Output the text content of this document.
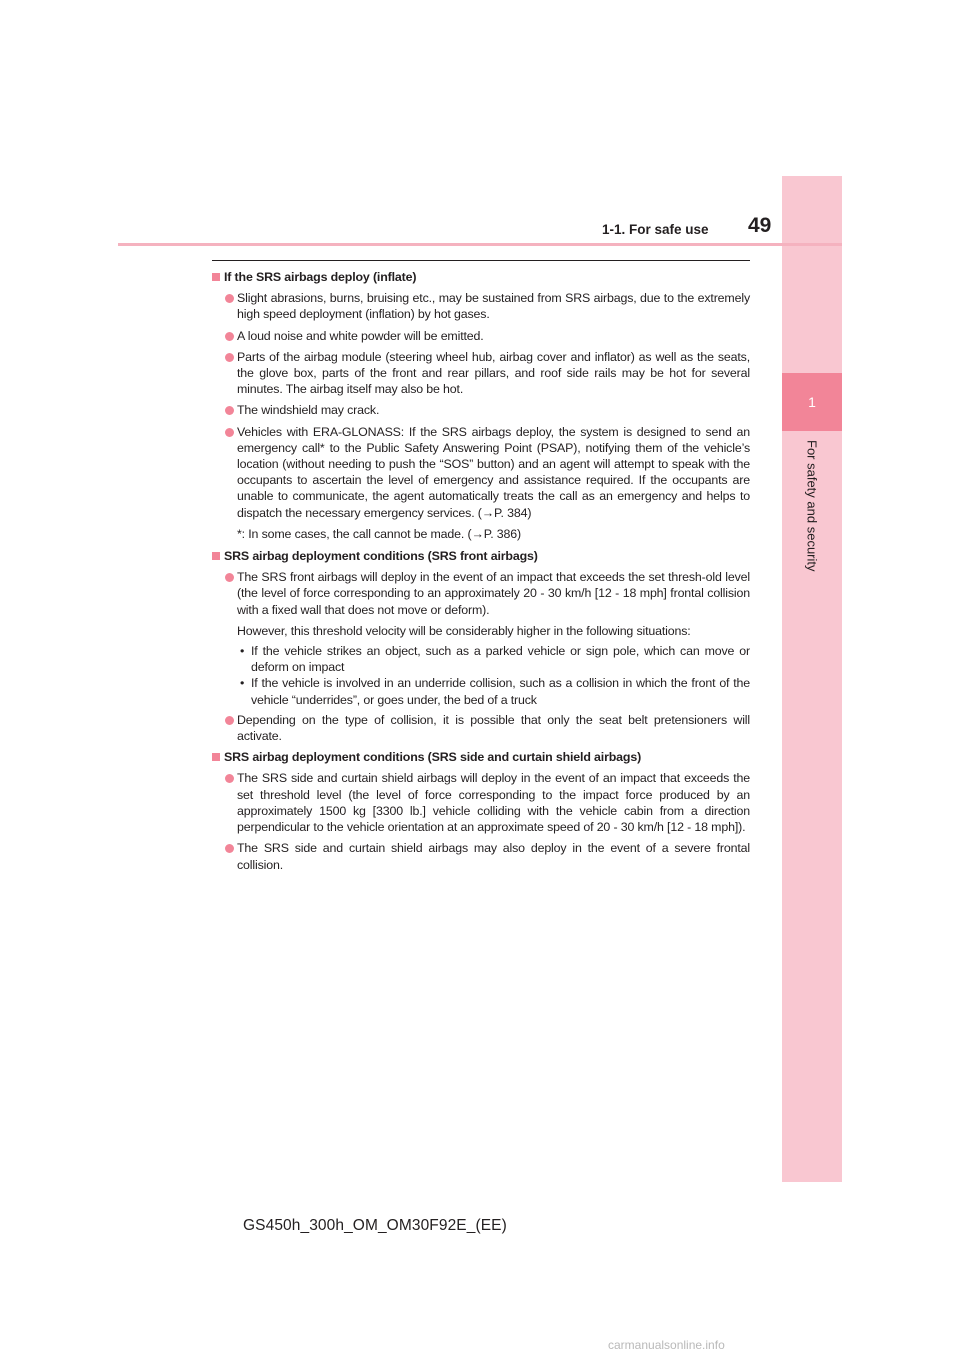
1
For safety and security
1-1. For safe use 49
If the SRS airbags deploy (inflate)
Slight abrasions, burns, bruising etc., may be sustained from SRS airbags, due to the extremely high speed deployment (inflation) by hot gases.
A loud noise and white powder will be emitted.
Parts of the airbag module (steering wheel hub, airbag cover and inflator) as well as the seats, the glove box, parts of the front and rear pillars, and roof side rails may be hot for several minutes. The airbag itself may also be hot.
The windshield may crack.
Vehicles with ERA-GLONASS: If the SRS airbags deploy, the system is designed to send an emergency call* to the Public Safety Answering Point (PSAP), notifying them of the vehicle’s location (without needing to push the “SOS” button) and an agent will attempt to speak with the occupants to ascertain the level of emergency and assistance required. If the occupants are unable to communicate, the agent automatically treats the call as an emergency and helps to dispatch the necessary emergency services. (→P. 384)
*: In some cases, the call cannot be made. (→P. 386)
SRS airbag deployment conditions (SRS front airbags)
The SRS front airbags will deploy in the event of an impact that exceeds the set thresh-old level (the level of force corresponding to an approximately 20 - 30 km/h [12 - 18 mph] frontal collision with a fixed wall that does not move or deform).
However, this threshold velocity will be considerably higher in the following situations:
• If the vehicle strikes an object, such as a parked vehicle or sign pole, which can move or deform on impact
• If the vehicle is involved in an underride collision, such as a collision in which the front of the vehicle “underrides”, or goes under, the bed of a truck
Depending on the type of collision, it is possible that only the seat belt pretensioners will activate.
SRS airbag deployment conditions (SRS side and curtain shield airbags)
The SRS side and curtain shield airbags will deploy in the event of an impact that exceeds the set threshold level (the level of force corresponding to the impact force produced by an approximately 1500 kg [3300 lb.] vehicle colliding with the vehicle cabin from a direction perpendicular to the vehicle orientation at an approximate speed of 20 - 30 km/h [12 - 18 mph]).
The SRS side and curtain shield airbags may also deploy in the event of a severe frontal collision.
GS450h_300h_OM_OM30F92E_(EE)
carmanualsonline.info
